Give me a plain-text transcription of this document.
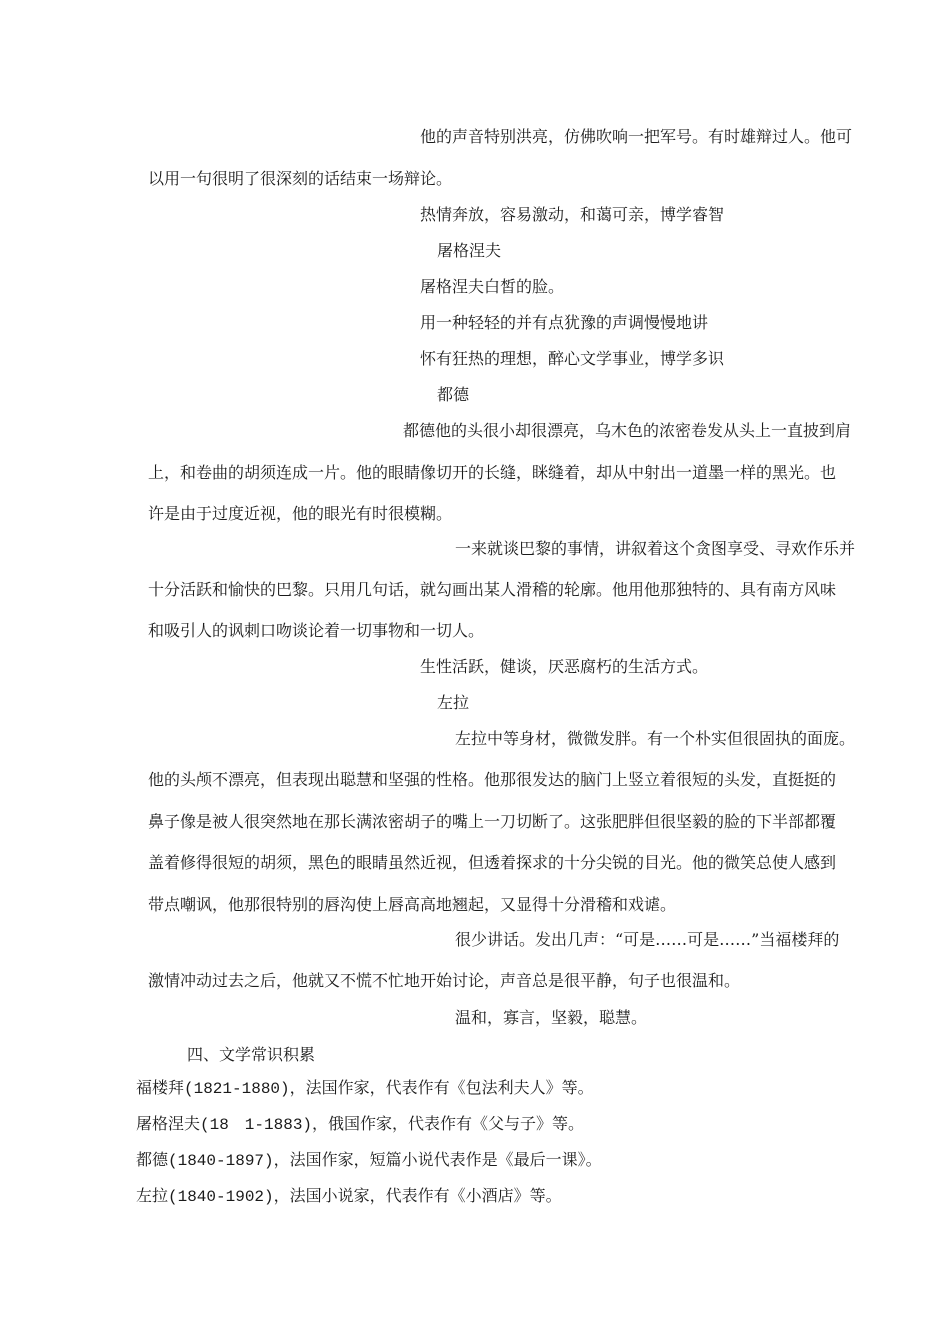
他的声音特别洪亮，仿佛吹响一把军号。有时雄辩过人。他可
以用一句很明了很深刻的话结束一场辩论。
热情奔放，容易激动，和蔼可亲，博学睿智
屠格涅夫
屠格涅夫白皙的脸。
用一种轻轻的并有点犹豫的声调慢慢地讲
怀有狂热的理想，醉心文学事业，博学多识
都德
都德他的头很小却很漂亮，乌木色的浓密卷发从头上一直披到肩
上，和卷曲的胡须连成一片。他的眼睛像切开的长缝，眯缝着，却从中射出一道墨一样的黑光。也
许是由于过度近视，他的眼光有时很模糊。
一来就谈巴黎的事情，讲叙着这个贪图享受、寻欢作乐并
十分活跃和愉快的巴黎。只用几句话，就勾画出某人滑稽的轮廓。他用他那独特的、具有南方风味
和吸引人的讽刺口吻谈论着一切事物和一切人。
生性活跃，健谈，厌恶腐朽的生活方式。
左拉
左拉中等身材，微微发胖。有一个朴实但很固执的面庞。
他的头颅不漂亮，但表现出聪慧和坚强的性格。他那很发达的脑门上竖立着很短的头发，直挺挺的
鼻子像是被人很突然地在那长满浓密胡子的嘴上一刀切断了。这张肥胖但很坚毅的脸的下半部都覆
盖着修得很短的胡须，黑色的眼睛虽然近视，但透着探求的十分尖锐的目光。他的微笑总使人感到
带点嘲讽，他那很特别的唇沟使上唇高高地翘起，又显得十分滑稽和戏谑。
很少讲话。发出几声：“可是……可是……”当福楼拜的
激情冲动过去之后，他就又不慌不忙地开始讨论，声音总是很平静，句子也很温和。
温和，寡言，坚毅，聪慧。
四、文学常识积累
福楼拜(1821-1880)，法国作家，代表作有《包法利夫人》等。
屠格涅夫(18　1-1883)，俄国作家，代表作有《父与子》等。
都德(1840-1897)，法国作家，短篇小说代表作是《最后一课》。
左拉(1840-1902)，法国小说家，代表作有《小酒店》等。
